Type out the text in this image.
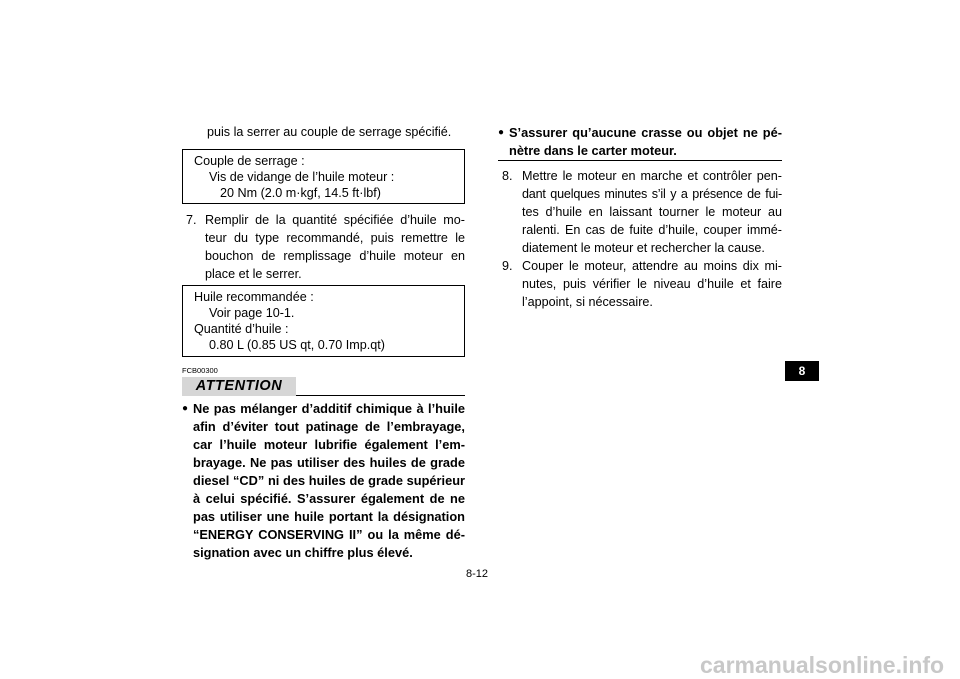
puis la serrer au couple de serrage spécifié.
Couple de serrage :
Vis de vidange de l’huile moteur :
20 Nm (2.0 m·kgf, 14.5 ft·lbf)
7. Remplir de la quantité spécifiée d’huile mo-
teur du type recommandé, puis remettre le
bouchon de remplissage d’huile moteur en
place et le serrer.
Huile recommandée :
Voir page 10-1.
Quantité d’huile :
0.80 L (0.85 US qt, 0.70 Imp.qt)
FCB00300
ATTENTION
● Ne pas mélanger d’additif chimique à l’huile
afin d’éviter tout patinage de l’embrayage,
car l’huile moteur lubrifie également l’em-
brayage. Ne pas utiliser des huiles de grade
diesel “CD” ni des huiles de grade supérieur
à celui spécifié. S’assurer également de ne
pas utiliser une huile portant la désignation
“ENERGY CONSERVING II” ou la même dé-
signation avec un chiffre plus élevé.
● S’assurer qu’aucune crasse ou objet ne pé-
nètre dans le carter moteur.
8. Mettre le moteur en marche et contrôler pen-
dant quelques minutes s’il y a présence de fui-
tes d’huile en laissant tourner le moteur au
ralenti. En cas de fuite d’huile, couper immé-
diatement le moteur et rechercher la cause.
9. Couper le moteur, attendre au moins dix mi-
nutes, puis vérifier le niveau d’huile et faire
l’appoint, si nécessaire.
8
8-12
carmanualsonline.info
